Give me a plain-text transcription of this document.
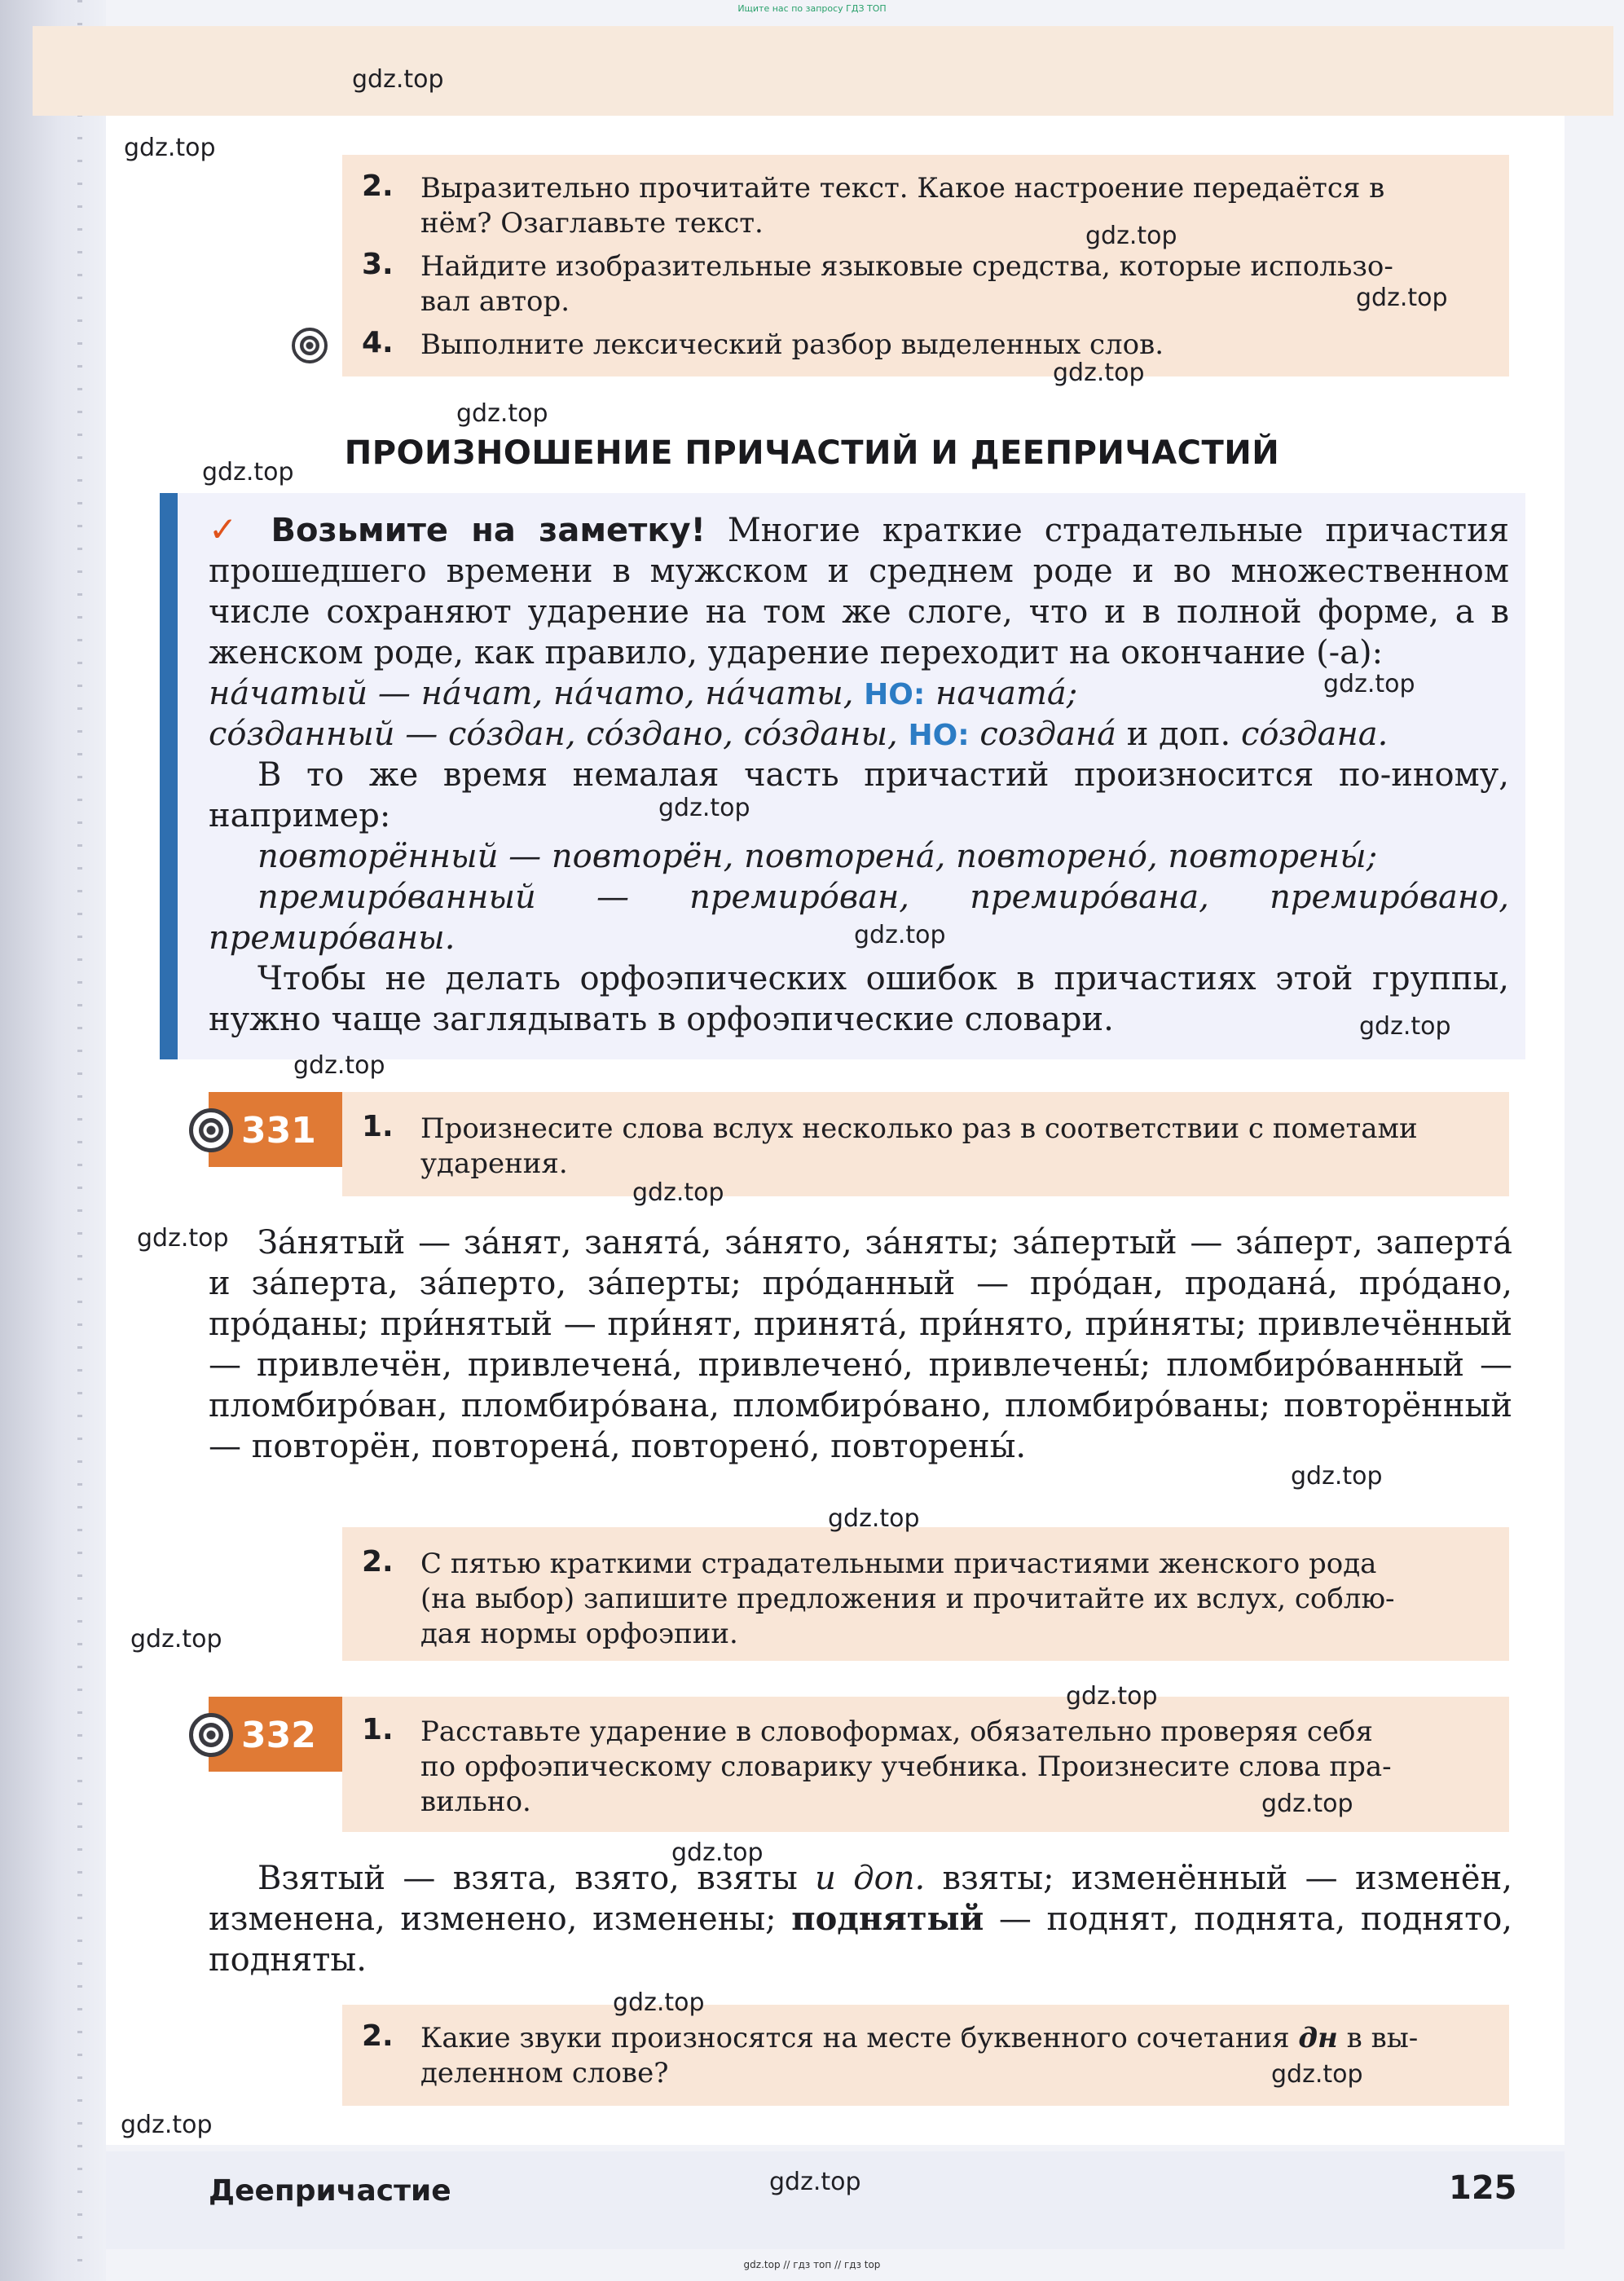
Ищите нас по запросу ГДЗ ТОП
2. Выразительно прочитайте текст. Какое настроение передаётся в
нём? Озаглавьте текст.
3. Найдите изобразительные языковые средства, которые использо-
вал автор.
4. Выполните лексический разбор выделенных слов.
ПРОИЗНОШЕНИЕ ПРИЧАСТИЙ И ДЕЕПРИЧАСТИЙ
✓ Возьмите на заметку! Многие краткие страдательные причастия прошедшего времени в мужском и среднем роде и во множественном числе сохраняют ударение на том же слоге, что и в полной форме, а в женском роде, как правило, ударение переходит на окончание (-а):
на́чатый — на́чат, на́чато, на́чаты, НО: начата́;
со́зданный — со́здан, со́здано, со́зданы, НО: создана́ и доп. со́здана.
В то же время немалая часть причастий произносится по-иному, например:
повторённый — повторён, повторена́, повторено́, повторены́;
премиро́ванный — премиро́ван, премиро́вана, премиро́вано, премиро́ваны.
Чтобы не делать орфоэпических ошибок в причастиях этой группы, нужно чаще заглядывать в орфоэпические словари.
331 1. Произнесите слова вслух несколько раз в соответствии с пометами
ударения.
За́нятый — за́нят, занята́, за́нято, за́няты; за́пертый — за́перт, заперта́ и за́перта, за́перто, за́перты; про́данный — про́дан, продана́, про́дано, про́даны; при́нятый — при́нят, принята́, при́нято, при́няты; привлечённый — привлечён, привлечена́, привлечено́, привлечены́; пломбиро́ванный — пломбиро́ван, пломбиро́вана, пломбиро́вано, пломбиро́ваны; повторённый — повторён, повторена́, повторено́, повторены́.
2. С пятью краткими страдательными причастиями женского рода
(на выбор) запишите предложения и прочитайте их вслух, соблю-
дая нормы орфоэпии.
332 1. Расставьте ударение в словоформах, обязательно проверяя себя
по орфоэпическому словарику учебника. Произнесите слова пра-
вильно.
Взятый — взята, взято, взяты и доп. взяты; изменённый — изменён, изменена, изменено, изменены; поднятый — поднят, поднята, поднято, подняты.
2. Какие звуки произносятся на месте буквенного сочетания дн в вы-
деленном слове?
Деепричастие	125
gdz.top // гдз топ // гдз top
gdz.top
gdz.top
gdz.top
gdz.top
gdz.top
gdz.top
gdz.top
gdz.top
gdz.top
gdz.top
gdz.top
gdz.top
gdz.top
gdz.top
gdz.top
gdz.top
gdz.top
gdz.top
gdz.top
gdz.top
gdz.top
gdz.top
gdz.top
gdz.top
